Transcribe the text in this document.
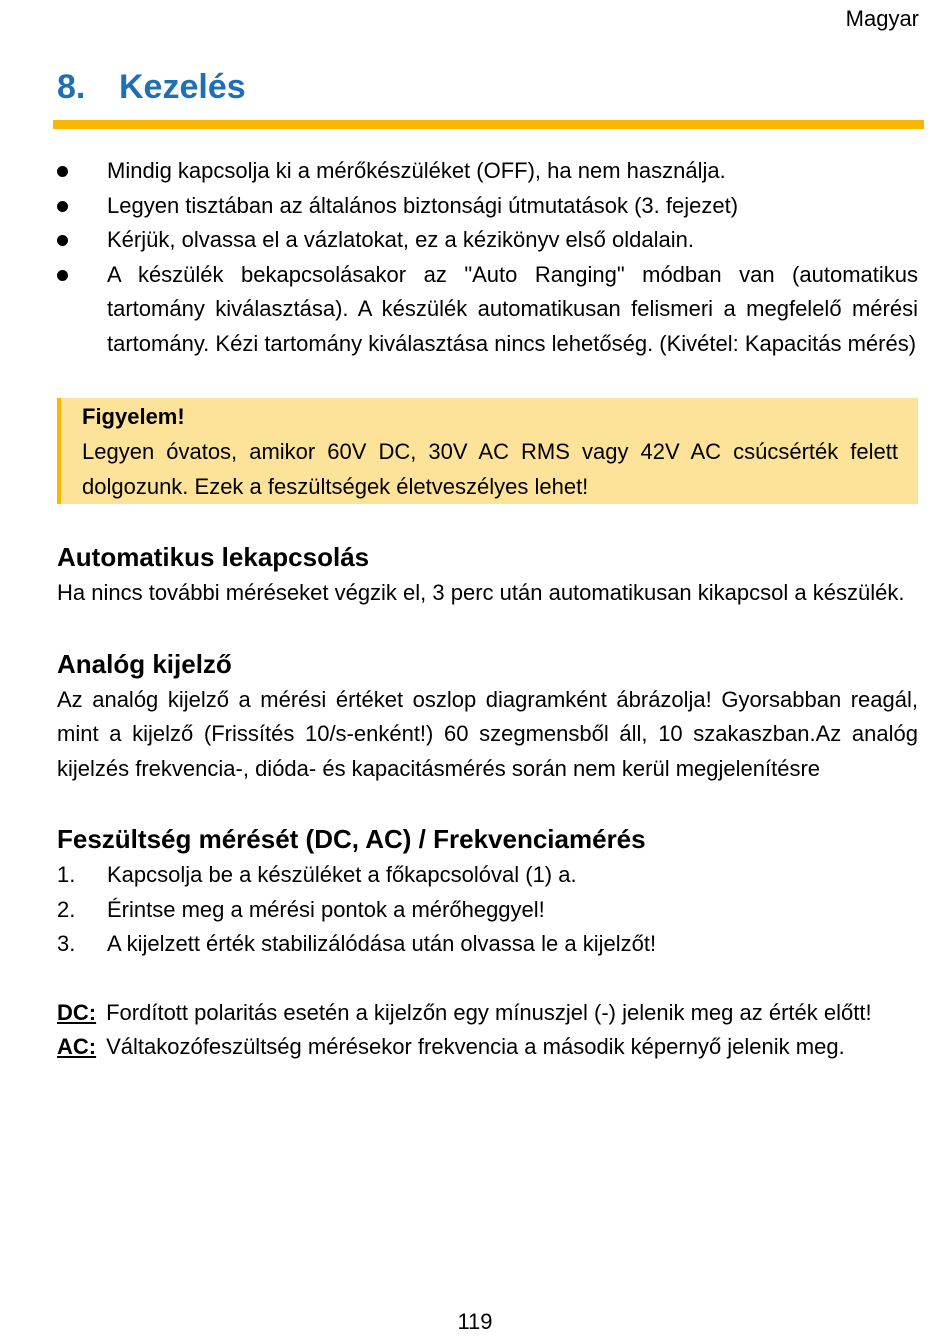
Magyar
8. Kezelés
Mindig kapcsolja ki a mérőkészüléket (OFF), ha nem használja.
Legyen tisztában az általános biztonsági útmutatások (3. fejezet)
Kérjük, olvassa el a vázlatokat, ez a kézikönyv első oldalain.
A készülék bekapcsolásakor az "Auto Ranging" módban van (automatikus tartomány kiválasztása). A készülék automatikusan felismeri a megfelelő mérési tartomány. Kézi tartomány kiválasztása nincs lehetőség. (Kivétel: Kapacitás mérés)
Figyelem!
Legyen óvatos, amikor 60V DC, 30V AC RMS vagy 42V AC csúcsérték felett dolgozunk. Ezek a feszültségek életveszélyes lehet!
Automatikus lekapcsolás

Ha nincs további méréseket végzik el, 3 perc után automatikusan kikapcsol a készülék.

Analóg kijelző

Az analóg kijelző a mérési értéket oszlop diagramként ábrázolja! Gyorsabban reagál, mint a kijelző (Frissítés 10/s-enként!) 60 szegmensből áll, 10 szakaszban.Az analóg kijelzés frekvencia-, dióda- és kapacitásmérés során nem kerül megjelenítésre

Feszültség mérését (DC, AC) / Frekvenciamérés
1. Kapcsolja be a készüléket a főkapcsolóval (1) a.
2. Érintse meg a mérési pontok a mérőheggyel!
3. A kijelzett érték stabilizálódása után olvassa le a kijelzőt!

DC: Fordított polaritás esetén a kijelzőn egy mínuszjel (-) jelenik meg az érték előtt!

AC: Váltakozófeszültség mérésekor frekvencia a második képernyő jelenik meg.

119
